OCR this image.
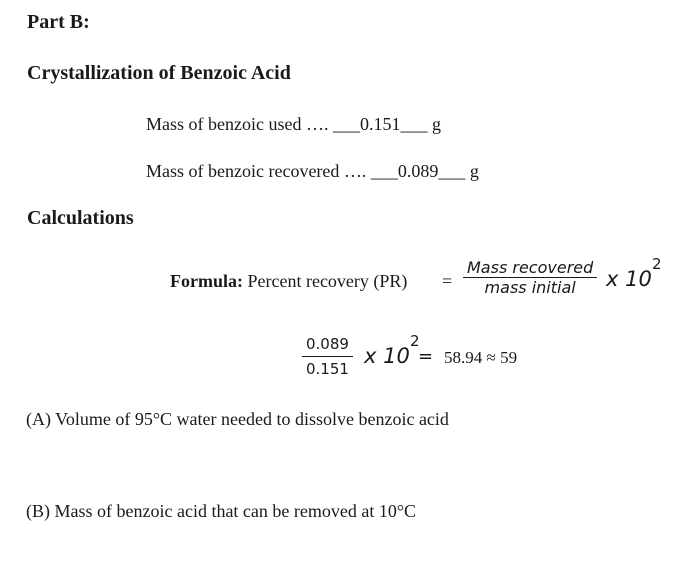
Part B:
Crystallization of Benzoic Acid
Mass of benzoic used …. ___0.151___ g
Mass of benzoic recovered …. ___0.089___ g
Calculations
Formula: Percent recovery (PR) =
Mass recovered
mass initial x 10
2
0.089
0.151
x 10
2
= 58.94 ≈ 59
(A) Volume of 95°C water needed to dissolve benzoic acid
(B) Mass of benzoic acid that can be removed at 10°C
